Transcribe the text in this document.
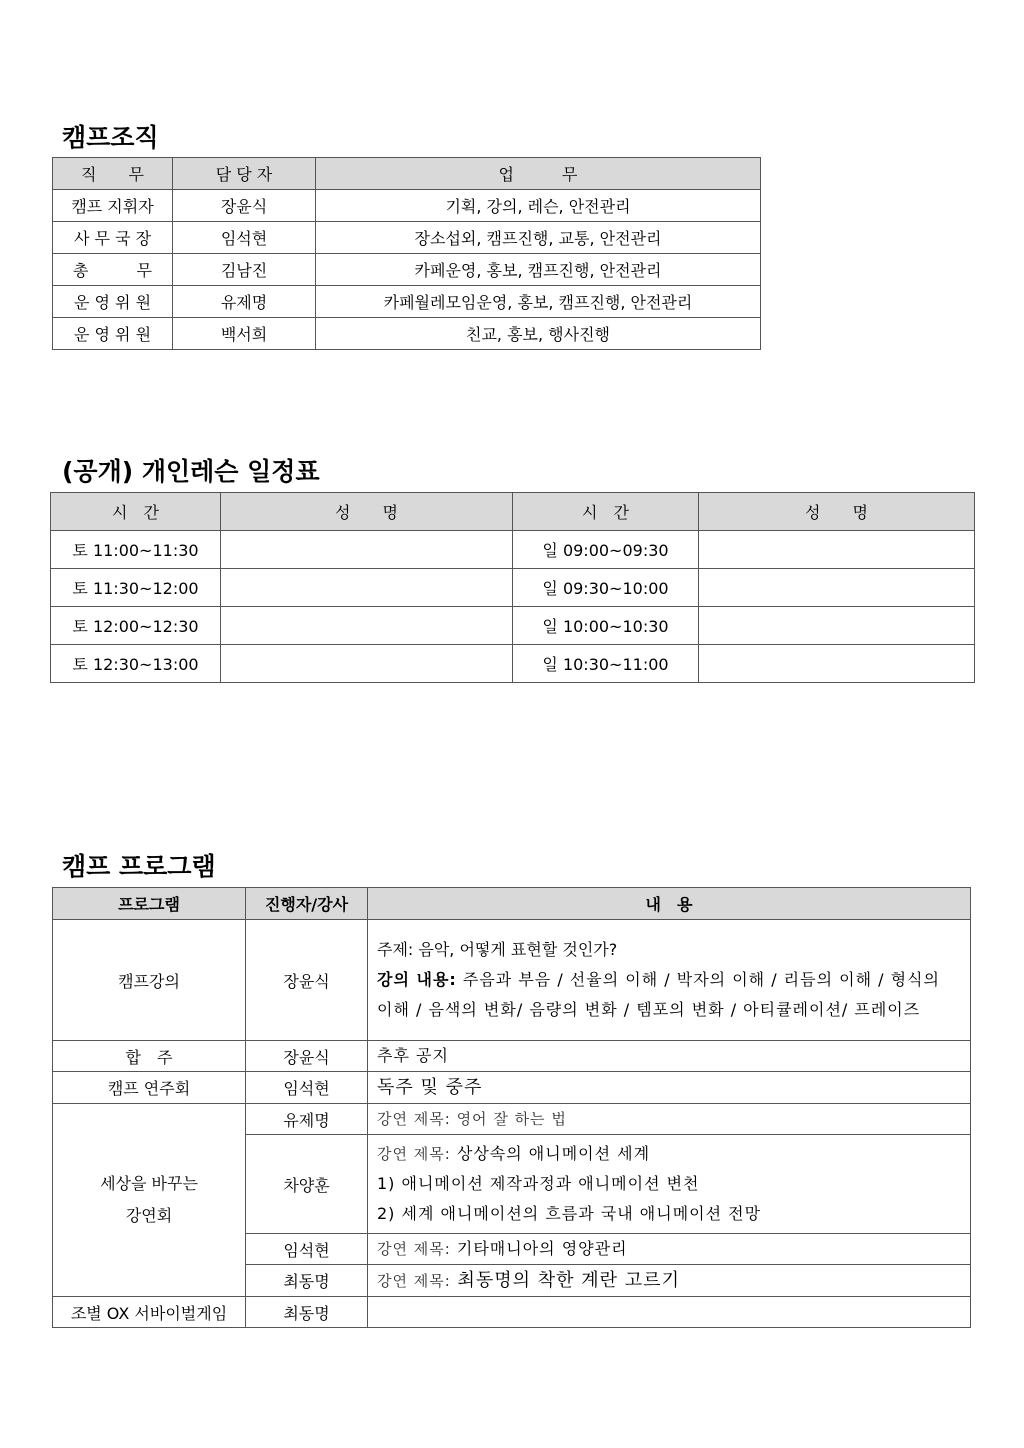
캠프조직
직　　무	담 당 자	업　　　무
캠프 지휘자	장윤식	기획, 강의, 레슨, 안전관리
사 무 국 장	임석현	장소섭외, 캠프진행, 교통, 안전관리
총　　　무	김남진	카페운영, 홍보, 캠프진행, 안전관리
운 영 위 원	유제명	카페월레모임운영, 홍보, 캠프진행, 안전관리
운 영 위 원	백서희	친교, 홍보, 행사진행
(공개) 개인레슨 일정표
시　간	성　　명	시　간	성　　명
토 11:00~11:30		일 09:00~09:30	
토 11:30~12:00		일 09:30~10:00	
토 12:00~12:30		일 10:00~10:30	
토 12:30~13:00		일 10:30~11:00	
캠프 프로그램
프로그램	진행자/강사	내　용
캠프강의	장윤식	주제: 음악, 어떻게 표현할 것인가?
강의 내용: 주음과 부음 / 선율의 이해 / 박자의 이해 / 리듬의 이해 / 형식의 이해 / 음색의 변화/ 음량의 변화 / 템포의 변화 / 아티큘레이션/ 프레이즈

합　주	장윤식	추후 공지
캠프 연주회	임석현	독주 및 중주

세상을 바꾸는
강연회	유제명	강연 제목: 영어 잘 하는 법
	차양훈	강연 제목: 상상속의 애니메이션 세계
1) 애니메이션 제작과정과 애니메이션 변천
2) 세계 애니메이션의 흐름과 국내 애니메이션 전망

	임석현	강연 제목: 기타매니아의 영양관리
	최동명	강연 제목: 최동명의 착한 계란 고르기
조별 OX 서바이벌게임	최동명	
